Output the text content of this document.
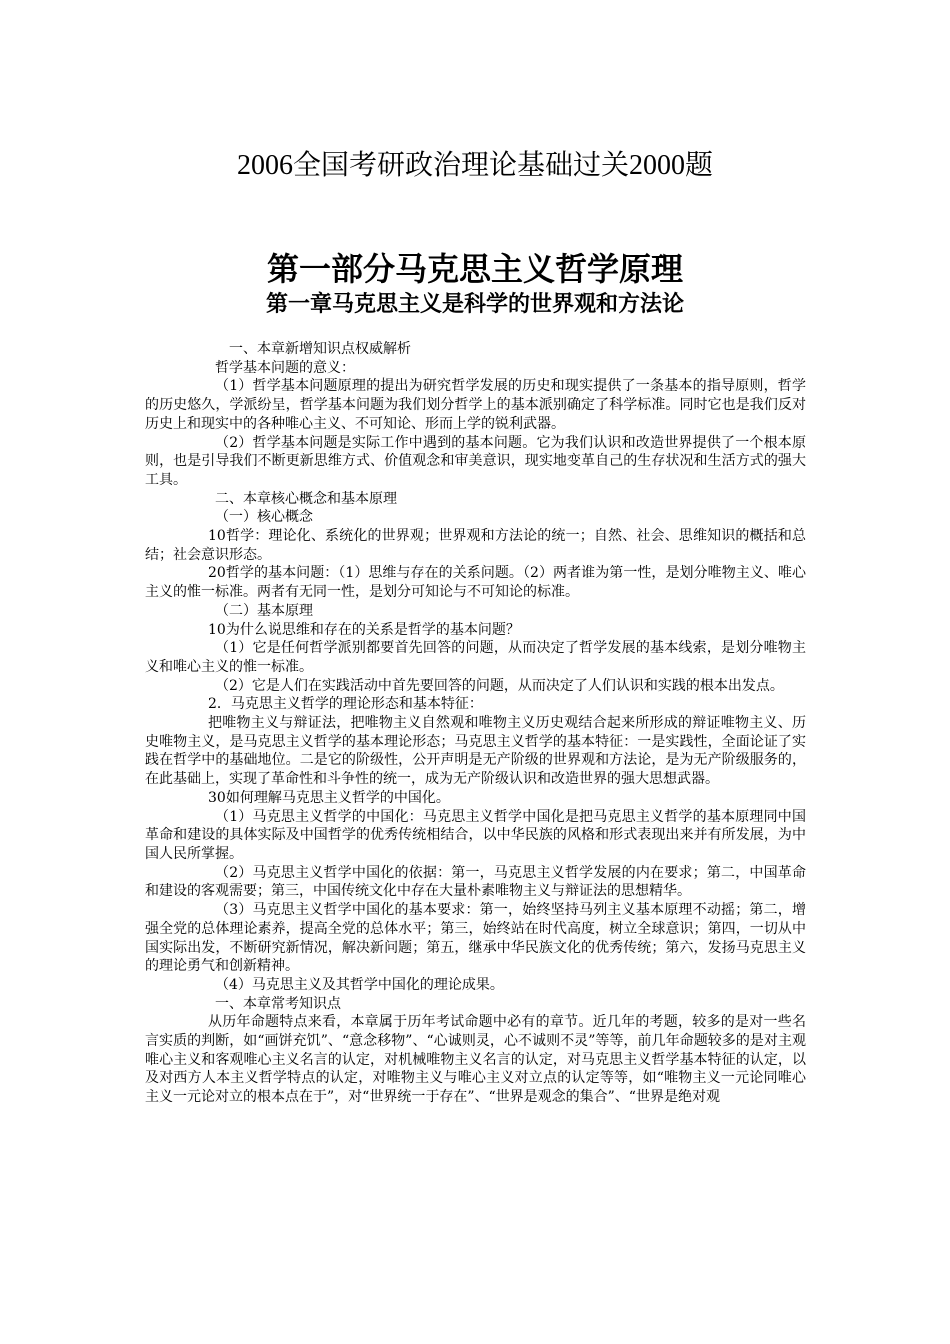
2006全国考研政治理论基础过关2000题
第一部分马克思主义哲学原理
第一章马克思主义是科学的世界观和方法论

一、本章新增知识点权威解析

哲学基本问题的意义：

（1）哲学基本问题原理的提出为研究哲学发展的历史和现实提供了一条基本的指导原则，哲学的历史悠久，学派纷呈，哲学基本问题为我们划分哲学上的基本派别确定了科学标准。同时它也是我们反对历史上和现实中的各种唯心主义、不可知论、形而上学的锐利武器。

（2）哲学基本问题是实际工作中遇到的基本问题。它为我们认识和改造世界提供了一个根本原则，也是引导我们不断更新思维方式、价值观念和审美意识，现实地变革自己的生存状况和生活方式的强大工具。

二、本章核心概念和基本原理

（一）核心概念

10哲学：理论化、系统化的世界观；世界观和方法论的统一；自然、社会、思维知识的概括和总结；社会意识形态。

20哲学的基本问题：（1）思维与存在的关系问题。（2）两者谁为第一性，是划分唯物主义、唯心主义的惟一标准。两者有无同一性，是划分可知论与不可知论的标准。

（二）基本原理

10为什么说思维和存在的关系是哲学的基本问题？

（1）它是任何哲学派别都要首先回答的问题，从而决定了哲学发展的基本线索，是划分唯物主义和唯心主义的惟一标准。

（2）它是人们在实践活动中首先要回答的问题，从而决定了人们认识和实践的根本出发点。

2．马克思主义哲学的理论形态和基本特征：

把唯物主义与辩证法，把唯物主义自然观和唯物主义历史观结合起来所形成的辩证唯物主义、历史唯物主义，是马克思主义哲学的基本理论形态；马克思主义哲学的基本特征：一是实践性，全面论证了实践在哲学中的基础地位。二是它的阶级性，公开声明是无产阶级的世界观和方法论，是为无产阶级服务的，在此基础上，实现了革命性和斗争性的统一，成为无产阶级认识和改造世界的强大思想武器。

30如何理解马克思主义哲学的中国化。

（1）马克思主义哲学的中国化：马克思主义哲学中国化是把马克思主义哲学的基本原理同中国革命和建设的具体实际及中国哲学的优秀传统相结合，以中华民族的风格和形式表现出来并有所发展，为中国人民所掌握。

（2）马克思主义哲学中国化的依据：第一，马克思主义哲学发展的内在要求；第二，中国革命和建设的客观需要；第三，中国传统文化中存在大量朴素唯物主义与辩证法的思想精华。

（3）马克思主义哲学中国化的基本要求：第一，始终坚持马列主义基本原理不动摇；第二，增强全党的总体理论素养，提高全党的总体水平；第三，始终站在时代高度，树立全球意识；第四，一切从中国实际出发，不断研究新情况，解决新问题；第五，继承中华民族文化的优秀传统；第六，发扬马克思主义的理论勇气和创新精神。

（4）马克思主义及其哲学中国化的理论成果。

一、本章常考知识点

从历年命题特点来看，本章属于历年考试命题中必有的章节。近几年的考题，较多的是对一些名言实质的判断，如“画饼充饥”、“意念移物”、“心诚则灵，心不诚则不灵”等等，前几年命题较多的是对主观唯心主义和客观唯心主义名言的认定，对机械唯物主义名言的认定，对马克思主义哲学基本特征的认定，以及对西方人本主义哲学特点的认定，对唯物主义与唯心主义对立点的认定等等，如“唯物主义一元论同唯心主义一元论对立的根本点在于”，对“世界统一于存在”、“世界是观念的集合”、“世界是绝对观
